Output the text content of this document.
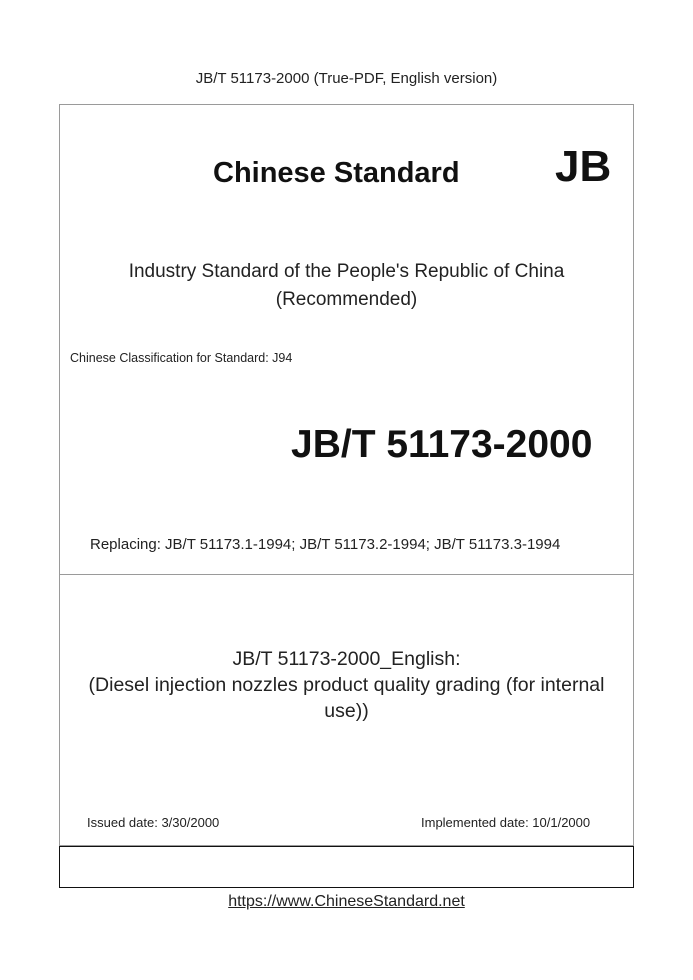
JB/T 51173-2000 (True-PDF, English version)
Chinese Standard JB
Industry Standard of the People's Republic of China
(Recommended)
Chinese Classification for Standard: J94
JB/T 51173-2000
Replacing: JB/T 51173.1-1994; JB/T 51173.2-1994; JB/T 51173.3-1994
JB/T 51173-2000_English:
(Diesel injection nozzles product quality grading (for internal
use))
Issued date: 3/30/2000	Implemented date: 10/1/2000
https://www.ChineseStandard.net
